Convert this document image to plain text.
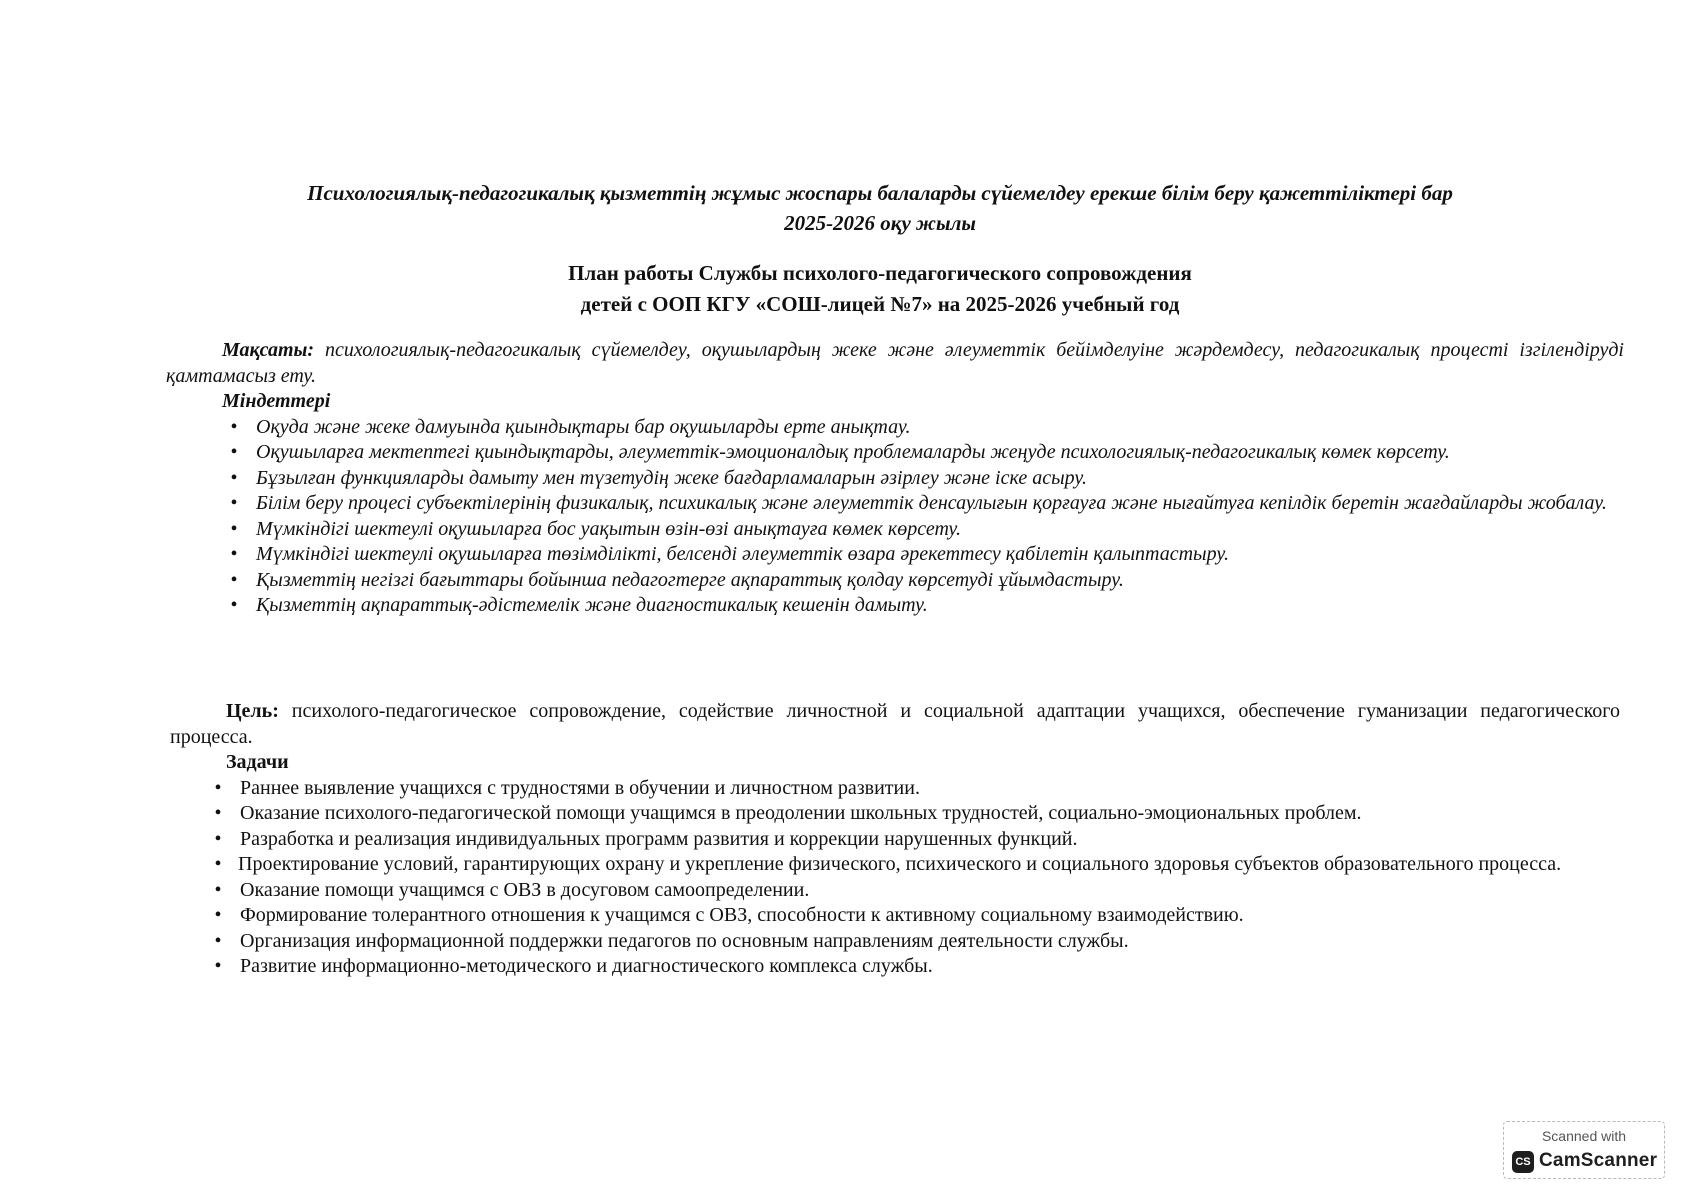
Психологиялық-педагогикалық қызметтің жұмыс жоспары балаларды сүйемелдеу ерекше білім беру қажеттіліктері бар
2025-2026 оқу жылы
План работы Службы психолого-педагогического сопровождения
детей с ООП КГУ «СОШ-лицей №7» на 2025-2026 учебный год

Мақсаты: психологиялық-педагогикалық сүйемелдеу, оқушылардың жеке және әлеуметтік бейімделуіне жәрдемдесу, педагогикалық процесті ізгілендіруді қамтамасыз ету.

Міндеттері

• Оқуда және жеке дамуында қиындықтары бар оқушыларды ерте анықтау.
• Оқушыларға мектептегі қиындықтарды, әлеуметтік-эмоционалдық проблемаларды жеңуде психологиялық-педагогикалық көмек көрсету.
• Бұзылған функцияларды дамыту мен түзетудің жеке бағдарламаларын әзірлеу және іске асыру.
• Білім беру процесі субъектілерінің физикалық, психикалық және әлеуметтік денсаулығын қорғауға және нығайтуға кепілдік беретін жағдайларды жобалау.
• Мүмкіндігі шектеулі оқушыларға бос уақытын өзін-өзі анықтауға көмек көрсету.
• Мүмкіндігі шектеулі оқушыларға төзімділікті, белсенді әлеуметтік өзара әрекеттесу қабілетін қалыптастыру.
• Қызметтің негізгі бағыттары бойынша педагогтерге ақпараттық қолдау көрсетуді ұйымдастыру.
• Қызметтің ақпараттық-әдістемелік және диагностикалық кешенін дамыту.

Цель: психолого-педагогическое сопровождение, содействие личностной и социальной адаптации учащихся, обеспечение гуманизации педагогического процесса.

Задачи

• Раннее выявление учащихся с трудностями в обучении и личностном развитии.
• Оказание психолого-педагогической помощи учащимся в преодолении школьных трудностей, социально-эмоциональных проблем.
• Разработка и реализация индивидуальных программ развития и коррекции нарушенных функций.

• Проектирование условий, гарантирующих охрану и укрепление физического, психического и социального здоровья субъектов образовательного процесса.

• Оказание помощи учащимся с ОВЗ в досуговом самоопределении.
• Формирование толерантного отношения к учащимся с ОВЗ, способности к активному социальному взаимодействию.
• Организация информационной поддержки педагогов по основным направлениям деятельности службы.
• Развитие информационно-методического и диагностического комплекса службы.
Scanned with
CS CamScanner
